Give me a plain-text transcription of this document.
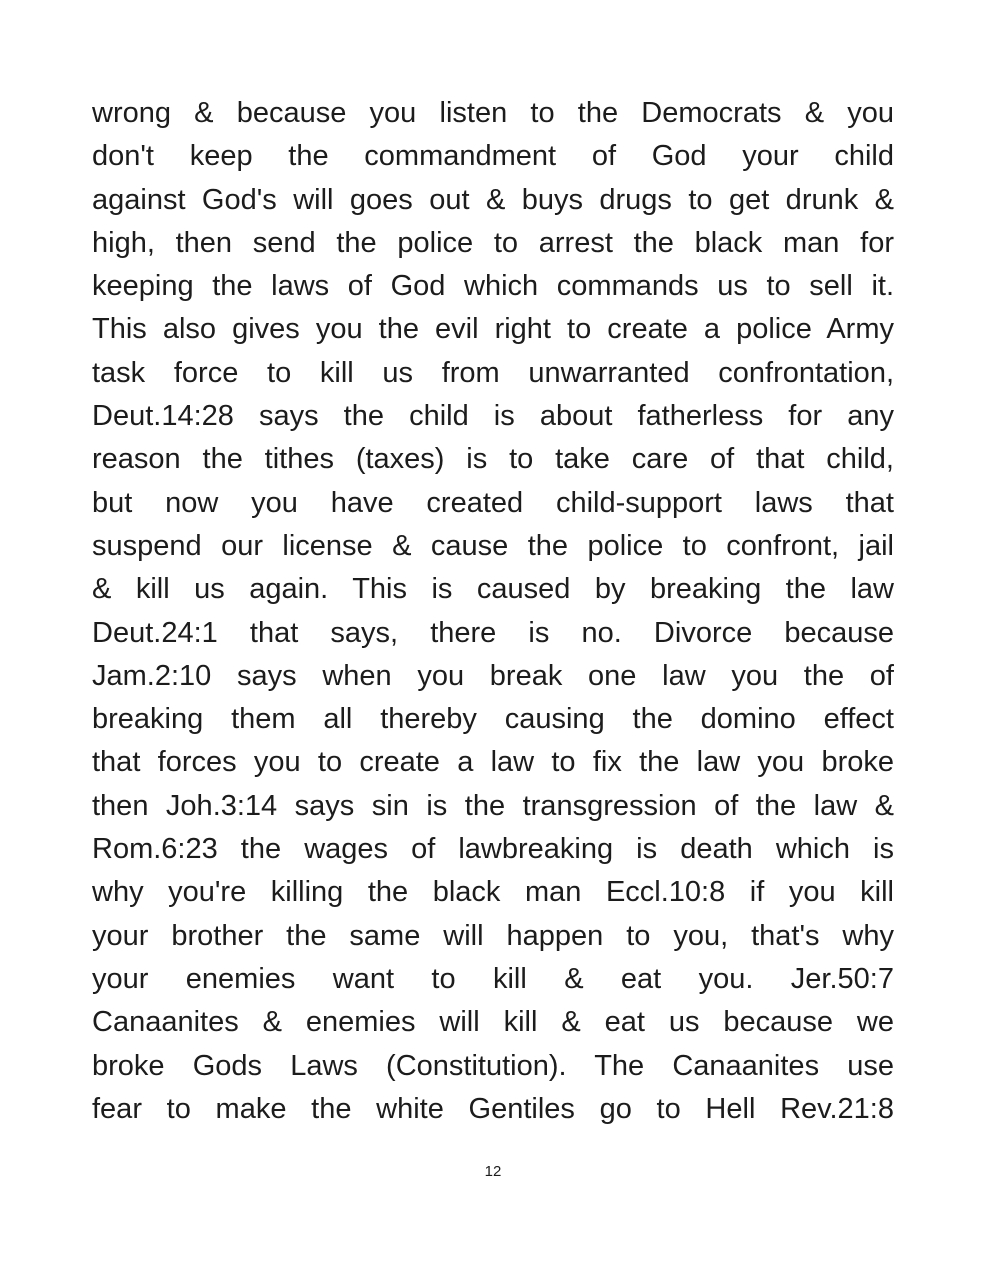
wrong & because you listen to the Democrats & you
don't keep the commandment of God your child
against God's will goes out & buys drugs to get drunk &
high, then send the police to arrest the black man for
keeping the laws of God which commands us to sell it.
This also gives you the evil right to create a police Army
task force to kill us from unwarranted confrontation,
Deut.14:28 says the child is about fatherless for any
reason the tithes (taxes) is to take care of that child,
but now you have created child-support laws that
suspend our license & cause the police to confront, jail
& kill us again. This is caused by breaking the law
Deut.24:1 that says, there is no. Divorce because
Jam.2:10 says when you break one law you the of
breaking them all thereby causing the domino effect
that forces you to create a law to fix the law you broke
then Joh.3:14 says sin is the transgression of the law &
Rom.6:23 the wages of lawbreaking is death which is
why you're killing the black man Eccl.10:8 if you kill
your brother the same will happen to you, that's why
your enemies want to kill & eat you. Jer.50:7
Canaanites & enemies will kill & eat us because we
broke Gods Laws (Constitution). The Canaanites use
fear to make the white Gentiles go to Hell Rev.21:8
12
